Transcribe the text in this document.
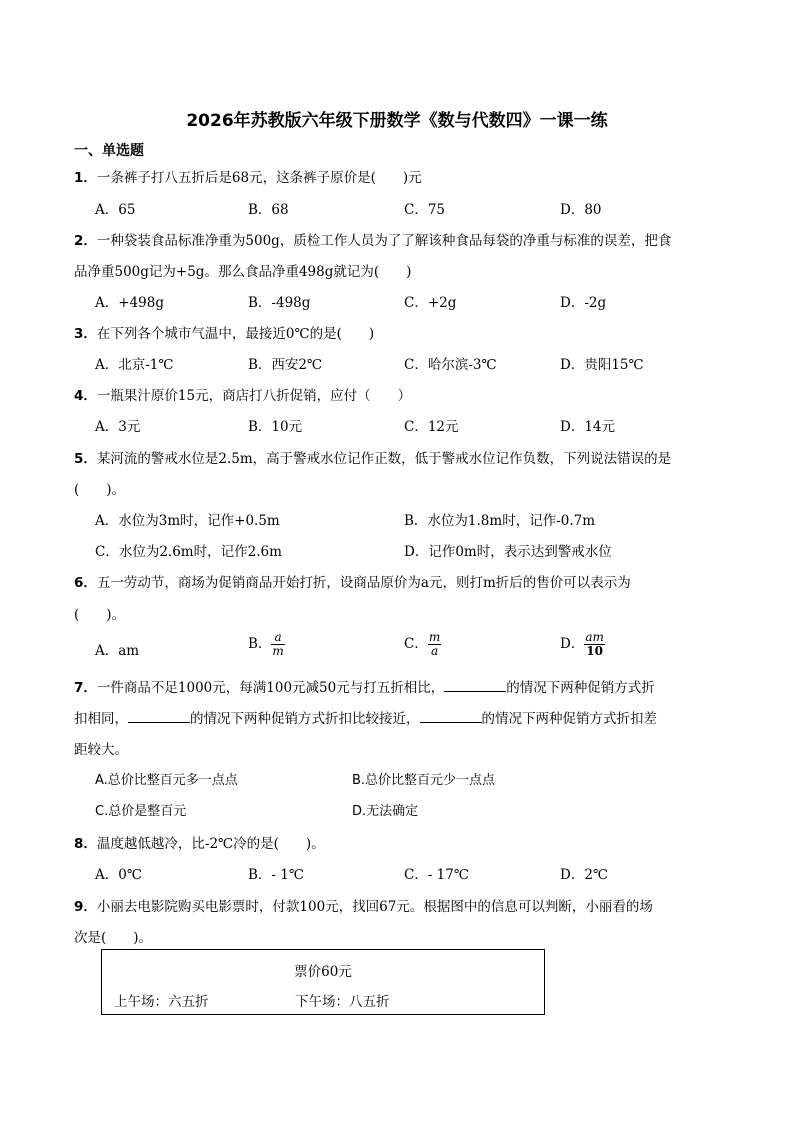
2026年苏教版六年级下册数学《数与代数四》一课一练
一、单选题
1．一条裤子打八五折后是68元，这条裤子原价是(　　)元
A．65	B．68	C．75	D．80
2．一种袋装食品标准净重为500g，质检工作人员为了了解该种食品每袋的净重与标准的误差，把食
品净重500g记为+5g。那么食品净重498g就记为(　　)
A．+498g	B．-498g	C．+2g	D．-2g
3．在下列各个城市气温中，最接近0℃的是(　　)
A．北京-1℃	B．西安2℃	C．哈尔滨-3℃	D．贵阳15℃
4．一瓶果汁原价15元，商店打八折促销，应付（　　）
A．3元	B．10元	C．12元	D．14元
5．某河流的警戒水位是2.5m，高于警戒水位记作正数，低于警戒水位记作负数，下列说法错误的是
(　　)。
A．水位为3m时，记作+0.5m	B．水位为1.8m时，记作-0.7m
C．水位为2.6m时，记作2.6m	D．记作0m时，表示达到警戒水位
6．五一劳动节，商场为促销商品开始打折，设商品原价为a元，则打m折后的售价可以表示为
(　　)。
A．am	B． $\frac{a}{m}$	C． $\frac{m}{a}$	D． $\frac{am}{10}$
7．一件商品不足1000元，每满100元减50元与打五折相比，	的情况下两种促销方式折
扣相同，	的情况下两种促销方式折扣比较接近，	的情况下两种促销方式折扣差
距较大。
A.总价比整百元多一点点	B.总价比整百元少一点点
C.总价是整百元	D.无法确定
8．温度越低越冷，比-2℃冷的是(　　)。
A．0℃	B．- 1℃	C．- 17℃	D．2℃
9．小丽去电影院购买电影票时，付款100元，找回67元。根据图中的信息可以判断，小丽看的场
次是(　　)。
票价60元
上午场：六五折	下午场：八五折
